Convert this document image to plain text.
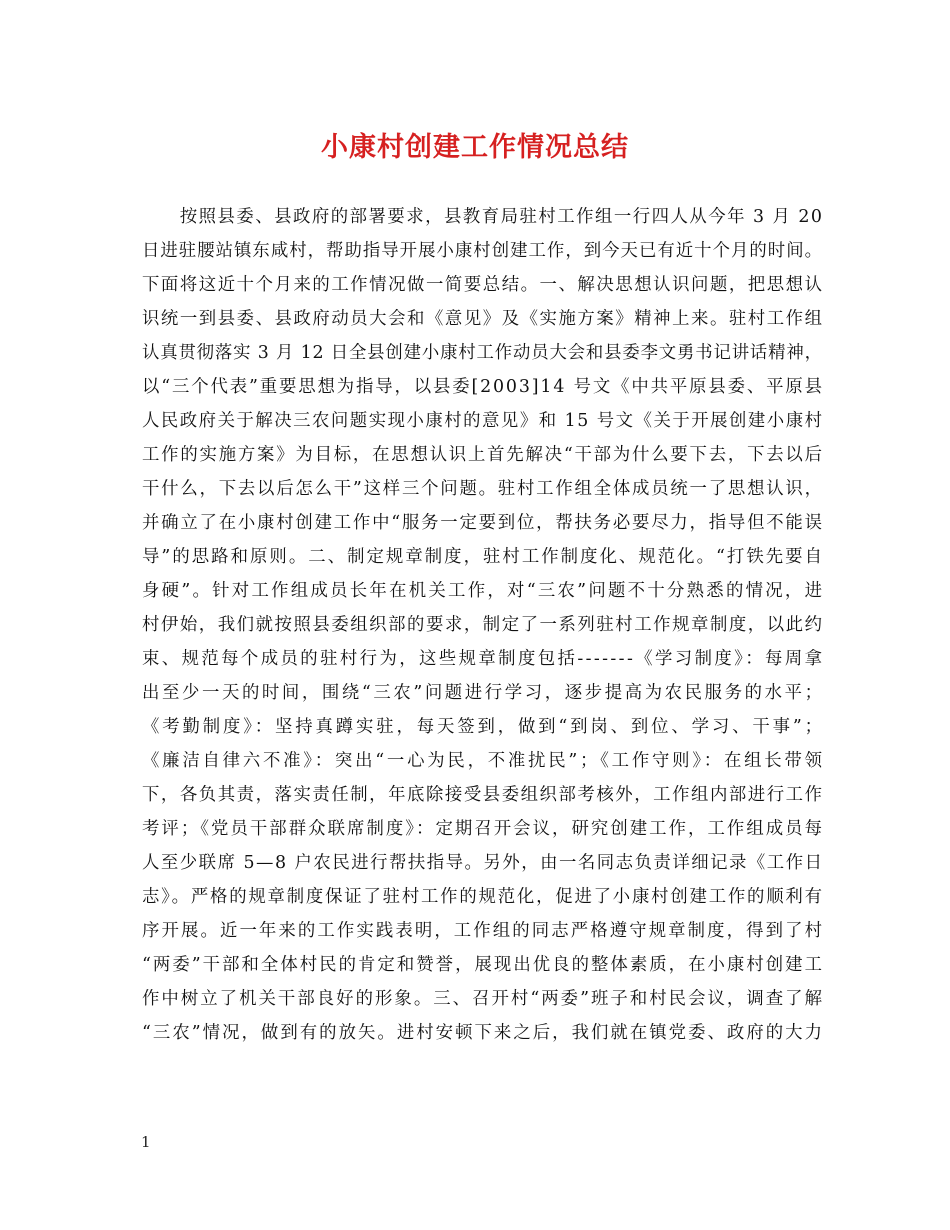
小康村创建工作情况总结
　　按照县委、县政府的部署要求，县教育局驻村工作组一行四人从今年 3 月 20
日进驻腰站镇东咸村，帮助指导开展小康村创建工作，到今天已有近十个月的时间。
下面将这近十个月来的工作情况做一简要总结。一、解决思想认识问题，把思想认
识统一到县委、县政府动员大会和《意见》及《实施方案》精神上来。驻村工作组
认真贯彻落实 3 月 12 日全县创建小康村工作动员大会和县委李文勇书记讲话精神，
以“三个代表”重要思想为指导，以县委[2003]14 号文《中共平原县委、平原县
人民政府关于解决三农问题实现小康村的意见》和 15 号文《关于开展创建小康村
工作的实施方案》为目标，在思想认识上首先解决“干部为什么要下去，下去以后
干什么，下去以后怎么干”这样三个问题。驻村工作组全体成员统一了思想认识，
并确立了在小康村创建工作中“服务一定要到位，帮扶务必要尽力，指导但不能误
导”的思路和原则。二、制定规章制度，驻村工作制度化、规范化。“打铁先要自
身硬”。针对工作组成员长年在机关工作，对“三农”问题不十分熟悉的情况，进
村伊始，我们就按照县委组织部的要求，制定了一系列驻村工作规章制度，以此约
束、规范每个成员的驻村行为，这些规章制度包括-------《学习制度》：每周拿
出至少一天的时间，围绕“三农”问题进行学习，逐步提高为农民服务的水平；
《考勤制度》：坚持真蹲实驻，每天签到，做到“到岗、到位、学习、干事”；
《廉洁自律六不准》：突出“一心为民，不准扰民”；《工作守则》：在组长带领
下，各负其责，落实责任制，年底除接受县委组织部考核外，工作组内部进行工作
考评；《党员干部群众联席制度》：定期召开会议，研究创建工作，工作组成员每
人至少联席 5—8 户农民进行帮扶指导。另外，由一名同志负责详细记录《工作日
志》。严格的规章制度保证了驻村工作的规范化，促进了小康村创建工作的顺利有
序开展。近一年来的工作实践表明，工作组的同志严格遵守规章制度，得到了村
“两委”干部和全体村民的肯定和赞誉，展现出优良的整体素质，在小康村创建工
作中树立了机关干部良好的形象。三、召开村“两委”班子和村民会议，调查了解
“三农”情况，做到有的放矢。进村安顿下来之后，我们就在镇党委、政府的大力
1
